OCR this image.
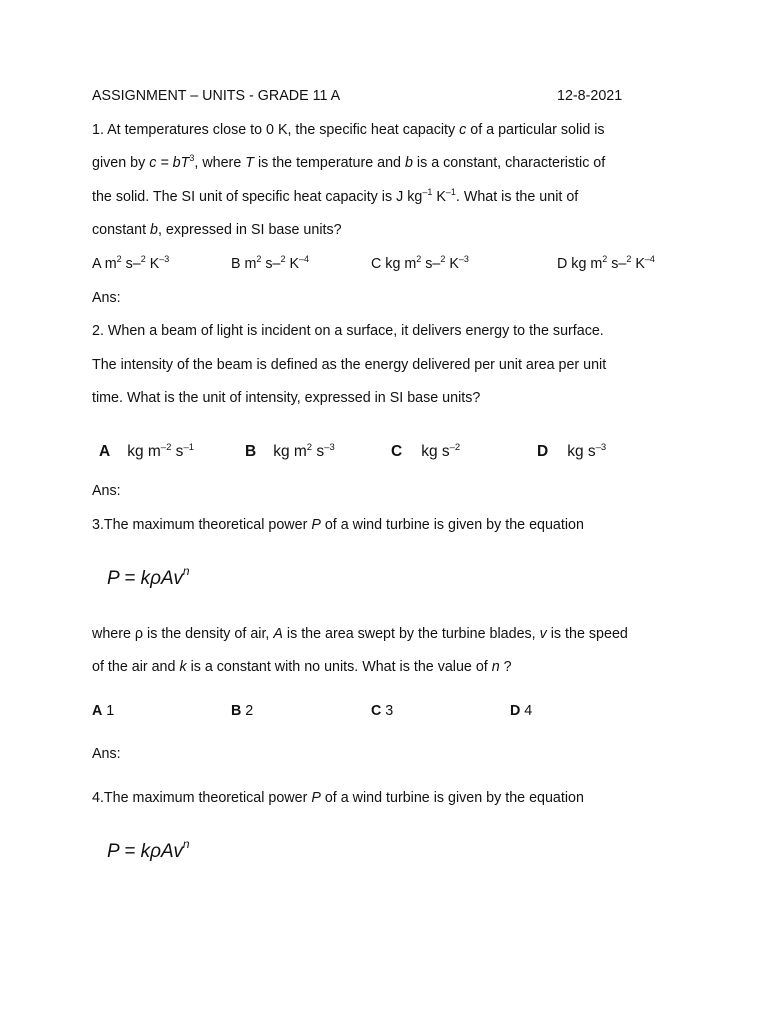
ASSIGNMENT – UNITS - GRADE 11 A	12-8-2021
1. At temperatures close to 0 K, the specific heat capacity c of a particular solid is
given by $c = bT^3$, where T is the temperature and b is a constant, characteristic of
the solid. The SI unit of specific heat capacity is J $kg^{-1}$ $K^{-1}$. What is the unit of
constant b, expressed in SI base units?
A $m^2$ s–$^2$ $K^{-3}$	B $m^2$ s–$^2$ $K^{-4}$	C kg $m^2$ s–$^2$ $K^{-3}$	D kg $m^2$ s–$^2$ $K^{-4}$
Ans:
2. When a beam of light is incident on a surface, it delivers energy to the surface.
The intensity of the beam is defined as the energy delivered per unit area per unit
time. What is the unit of intensity, expressed in SI base units?
A kg $m^{-2}$ $s^{-1}$	B kg $m^2$ $s^{-3}$	C kg $s^{-2}$	D kg $s^{-3}$
Ans:
3.The maximum theoretical power P of a wind turbine is given by the equation
P = kρAv$^n$
where ρ is the density of air, A is the area swept by the turbine blades, v is the speed
of the air and k is a constant with no units. What is the value of n ?
A 1	B 2	C 3	D 4
Ans:
4.The maximum theoretical power P of a wind turbine is given by the equation
P = kρAv$^n$
